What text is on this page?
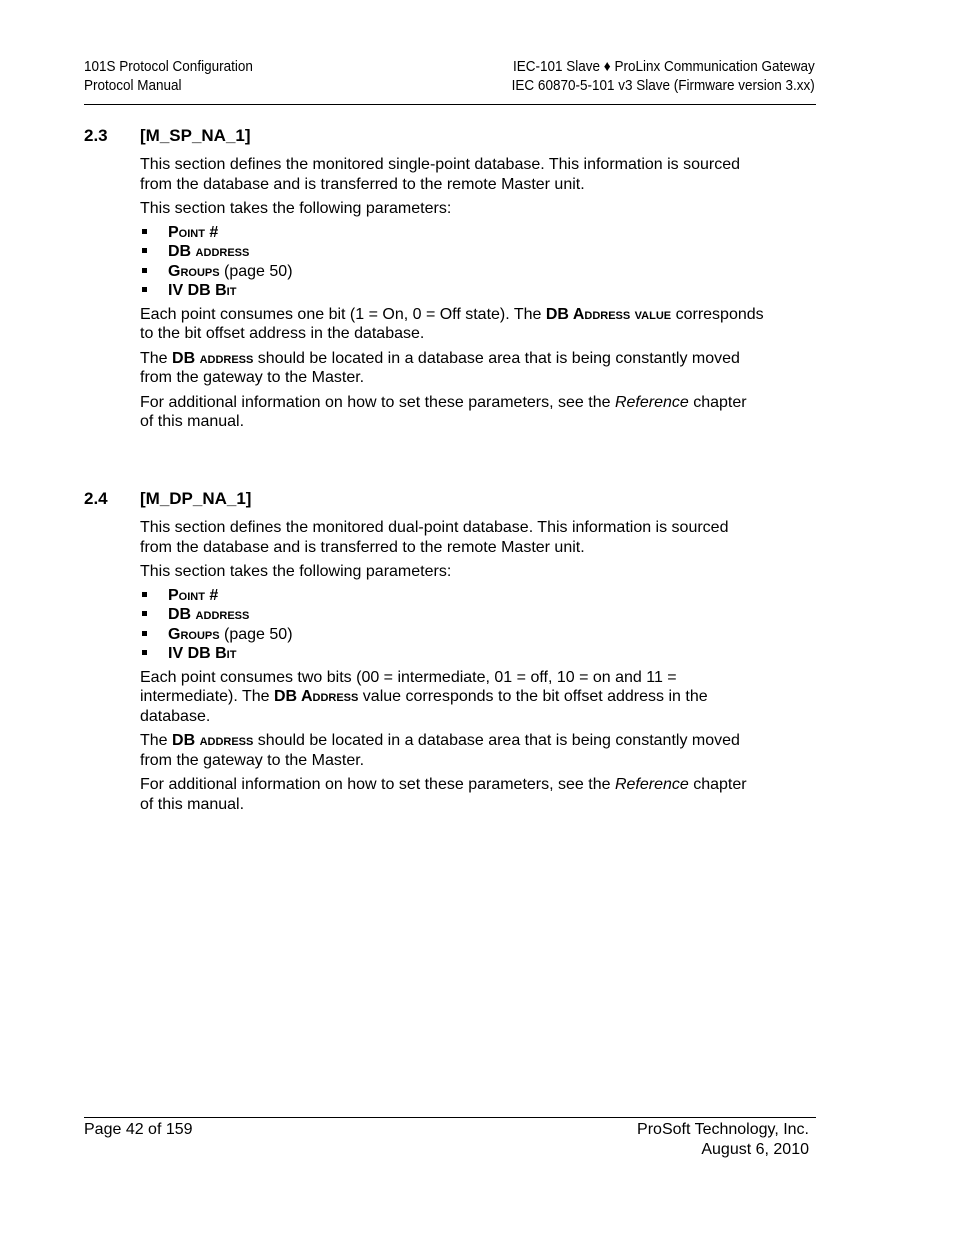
101S Protocol Configuration
Protocol Manual
IEC-101 Slave ♦ ProLinx Communication Gateway
IEC 60870-5-101 v3 Slave (Firmware version 3.xx)
2.3 [M_SP_NA_1]

This section defines the monitored single-point database. This information is sourced from the database and is transferred to the remote Master unit.

This section takes the following parameters:

Point #
DB address
Groups (page 50)
IV DB Bit

Each point consumes one bit (1 = On, 0 = Off state). The DB Address value corresponds to the bit offset address in the database.

The DB address should be located in a database area that is being constantly moved from the gateway to the Master.

For additional information on how to set these parameters, see the Reference chapter of this manual.

2.4 [M_DP_NA_1]

This section defines the monitored dual-point database. This information is sourced from the database and is transferred to the remote Master unit.

This section takes the following parameters:

Point #
DB address
Groups (page 50)
IV DB Bit

Each point consumes two bits (00 = intermediate, 01 = off, 10 = on and 11 = intermediate). The DB Address value corresponds to the bit offset address in the database.

The DB address should be located in a database area that is being constantly moved from the gateway to the Master.

For additional information on how to set these parameters, see the Reference chapter of this manual.

Page 42 of 159	ProSoft Technology, Inc.
August 6, 2010
